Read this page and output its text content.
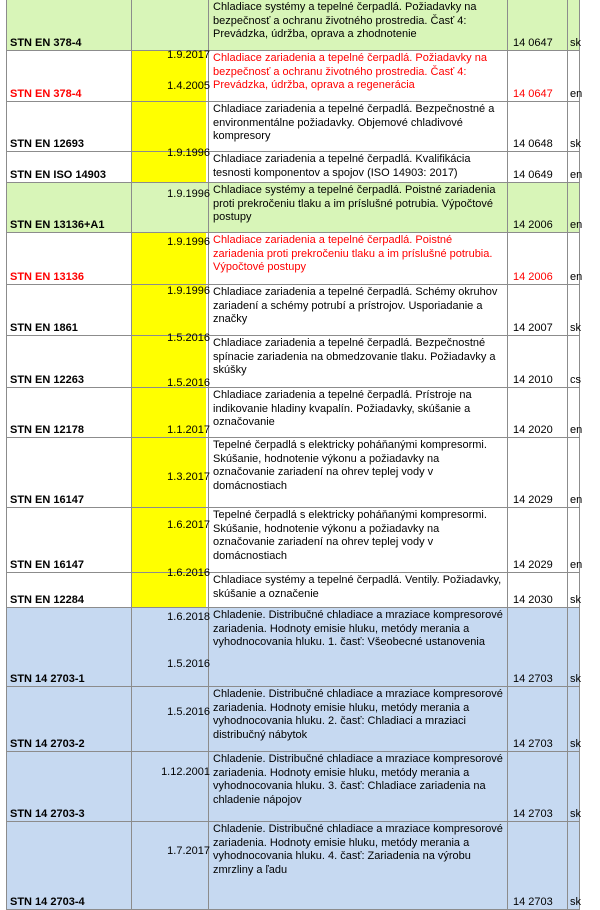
STN EN 378-4
Chladiace systémy a tepelné čerpadlá. Požiadavky na bezpečnosť a ochranu životného prostredia. Časť 4: Prevádzka, údržba, oprava a zhodnotenie
14 0647 sk
STN EN 378-4
Chladiace zariadenia a tepelné čerpadlá. Požiadavky na bezpečnosť a ochranu životného prostredia. Časť 4: Prevádzka, údržba, oprava a regenerácia
14 0647 en
STN EN 12693
Chladiace zariadenia a tepelné čerpadlá. Bezpečnostné a environmentálne požiadavky. Objemové chladivové kompresory
14 0648 sk
STN EN ISO 14903
Chladiace zariadenia a tepelné čerpadlá. Kvalifikácia tesnosti komponentov a spojov (ISO 14903: 2017)	14 0649 en
STN EN 13136+A1
Chladiace systémy a tepelné čerpadlá. Poistné zariadenia proti prekročeniu tlaku a im príslušné potrubia. Výpočtové postupy
14 2006 en
STN EN 13136
Chladiace zariadenia a tepelné čerpadlá. Poistné zariadenia proti prekročeniu tlaku a im príslušné potrubia. Výpočtové postupy
14 2006 en
STN EN 1861
Chladiace zariadenia a tepelné čerpadlá. Schémy okruhov zariadení a schémy potrubí a prístrojov. Usporiadanie a značky
14 2007 sk
STN EN 12263
Chladiace zariadenia a tepelné čerpadlá. Bezpečnostné spínacie zariadenia na obmedzovanie tlaku. Požiadavky a skúšky
14 2010 cs
STN EN 12178
Chladiace zariadenia a tepelné čerpadlá. Prístroje na indikovanie hladiny kvapalín. Požiadavky, skúšanie a označovanie
14 2020 en
STN EN 16147
Tepelné čerpadlá s elektricky poháňanými kompresormi. Skúšanie, hodnotenie výkonu a požiadavky na označovanie zariadení na ohrev teplej vody v domácnostiach
14 2029 en
STN EN 16147
Tepelné čerpadlá s elektricky poháňanými kompresormi. Skúšanie, hodnotenie výkonu a požiadavky na označovanie zariadení na ohrev teplej vody v domácnostiach
14 2029 en
STN EN 12284
Chladiace systémy a tepelné čerpadlá. Ventily. Požiadavky, skúšanie a označenie
14 2030 sk
STN 14 2703-1
Chladenie. Distribučné chladiace a mraziace kompresorové zariadenia. Hodnoty emisie hluku, metódy merania a vyhodnocovania hluku. 1. časť: Všeobecné ustanovenia
14 2703 sk
STN 14 2703-2
Chladenie. Distribučné chladiace a mraziace kompresorové zariadenia. Hodnoty emisie hluku, metódy merania a vyhodnocovania hluku. 2. časť: Chladiaci a mraziaci distribučný nábytok
14 2703 sk
STN 14 2703-3
Chladenie. Distribučné chladiace a mraziace kompresorové zariadenia. Hodnoty emisie hluku, metódy merania a vyhodnocovania hluku. 3. časť: Chladiace zariadenia na chladenie nápojov
14 2703 sk
STN 14 2703-4
Chladenie. Distribučné chladiace a mraziace kompresorové zariadenia. Hodnoty emisie hluku, metódy merania a vyhodnocovania hluku. 4. časť: Zariadenia na výrobu zmrzliny a ľadu
14 2703 sk
1.9.2017
1.4.2005
1.9.1996
1.9.1996
1.9.1996
1.9.1996
1.5.2016
1.5.2016
1.1.2017
1.3.2017
1.6.2017
1.6.2016
1.6.2018
1.5.2016
1.5.2016
1.12.2001
1.7.2017
